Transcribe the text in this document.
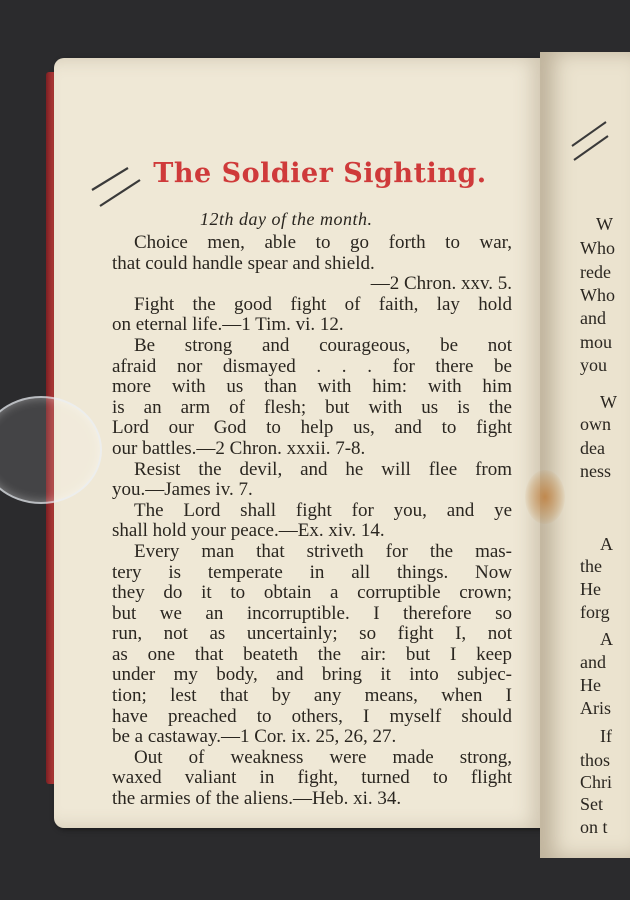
W
Who
rede
Who
and
mou
you
W
own
dea
ness
A
the
He
forg
A
and
He
Aris
If
thos
Chri
Set
on t
The Soldier Sighting.
12th day of the month.
Choice men, able to go forth to war,
that could handle spear and shield.
—2 Chron. xxv. 5.
Fight the good fight of faith, lay hold
on eternal life.—1 Tim. vi. 12.
Be strong and courageous, be not
afraid nor dismayed . . . for there be
more with us than with him: with him
is an arm of flesh; but with us is the
Lord our God to help us, and to fight
our battles.—2 Chron. xxxii. 7-8.
Resist the devil, and he will flee from
you.—James iv. 7.
The Lord shall fight for you, and ye
shall hold your peace.—Ex. xiv. 14.
Every man that striveth for the mas-
tery is temperate in all things. Now
they do it to obtain a corruptible crown;
but we an incorruptible. I therefore so
run, not as uncertainly; so fight I, not
as one that beateth the air: but I keep
under my body, and bring it into subjec-
tion; lest that by any means, when I
have preached to others, I myself should
be a castaway.—1 Cor. ix. 25, 26, 27.
Out of weakness were made strong,
waxed valiant in fight, turned to flight
the armies of the aliens.—Heb. xi. 34.
